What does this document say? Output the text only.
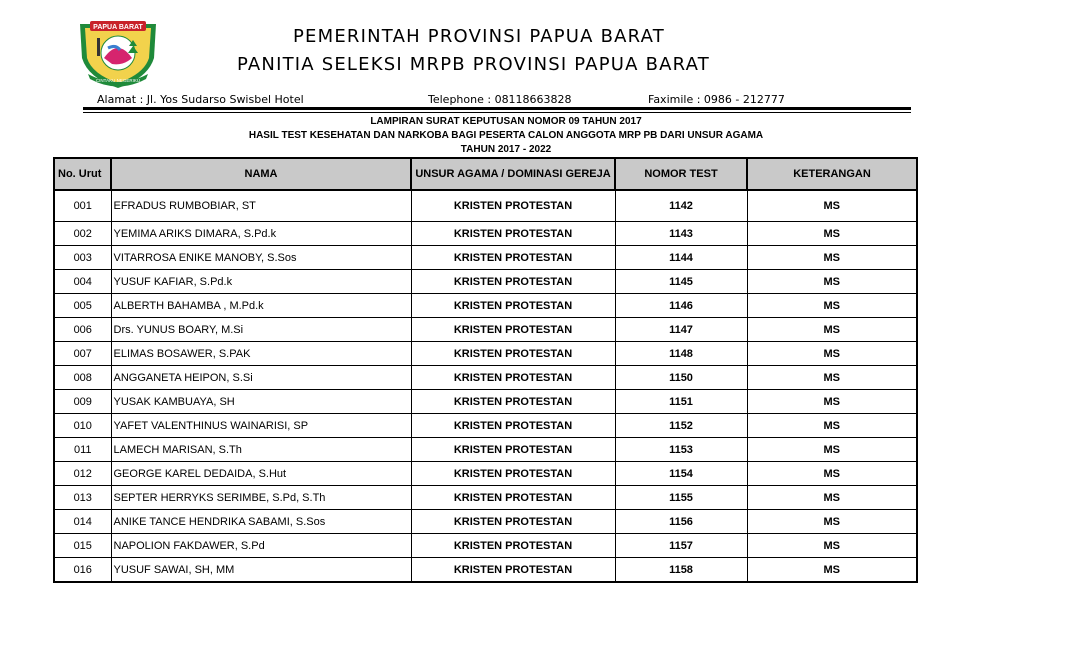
PAPUA BARAT
CINTAKU NEGERIKU
PEMERINTAH PROVINSI PAPUA BARAT
PANITIA SELEKSI MRPB PROVINSI PAPUA BARAT
Alamat : Jl. Yos Sudarso Swisbel Hotel	Telephone : 08118663828	Faximile : 0986 - 212777
LAMPIRAN SURAT KEPUTUSAN NOMOR 09 TAHUN 2017
HASIL TEST KESEHATAN DAN NARKOBA BAGI PESERTA CALON ANGGOTA MRP PB DARI UNSUR AGAMA
TAHUN 2017 - 2022
No. Urut	NAMA	UNSUR AGAMA / DOMINASI GEREJA	NOMOR TEST	KETERANGAN
001	EFRADUS RUMBOBIAR, ST	KRISTEN PROTESTAN	1142	MS
002	YEMIMA ARIKS DIMARA, S.Pd.k	KRISTEN PROTESTAN	1143	MS
003	VITARROSA ENIKE MANOBY, S.Sos	KRISTEN PROTESTAN	1144	MS
004	YUSUF KAFIAR, S.Pd.k	KRISTEN PROTESTAN	1145	MS
005	ALBERTH BAHAMBA , M.Pd.k	KRISTEN PROTESTAN	1146	MS
006	Drs. YUNUS BOARY, M.Si	KRISTEN PROTESTAN	1147	MS
007	ELIMAS BOSAWER, S.PAK	KRISTEN PROTESTAN	1148	MS
008	ANGGANETA HEIPON, S.Si	KRISTEN PROTESTAN	1150	MS
009	YUSAK KAMBUAYA, SH	KRISTEN PROTESTAN	1151	MS
010	YAFET VALENTHINUS WAINARISI, SP	KRISTEN PROTESTAN	1152	MS
011	LAMECH MARISAN, S.Th	KRISTEN PROTESTAN	1153	MS
012	GEORGE KAREL DEDAIDA, S.Hut	KRISTEN PROTESTAN	1154	MS
013	SEPTER HERRYKS SERIMBE, S.Pd, S.Th	KRISTEN PROTESTAN	1155	MS
014	ANIKE TANCE HENDRIKA SABAMI, S.Sos	KRISTEN PROTESTAN	1156	MS
015	NAPOLION FAKDAWER, S.Pd	KRISTEN PROTESTAN	1157	MS
016	YUSUF SAWAI, SH, MM	KRISTEN PROTESTAN	1158	MS
